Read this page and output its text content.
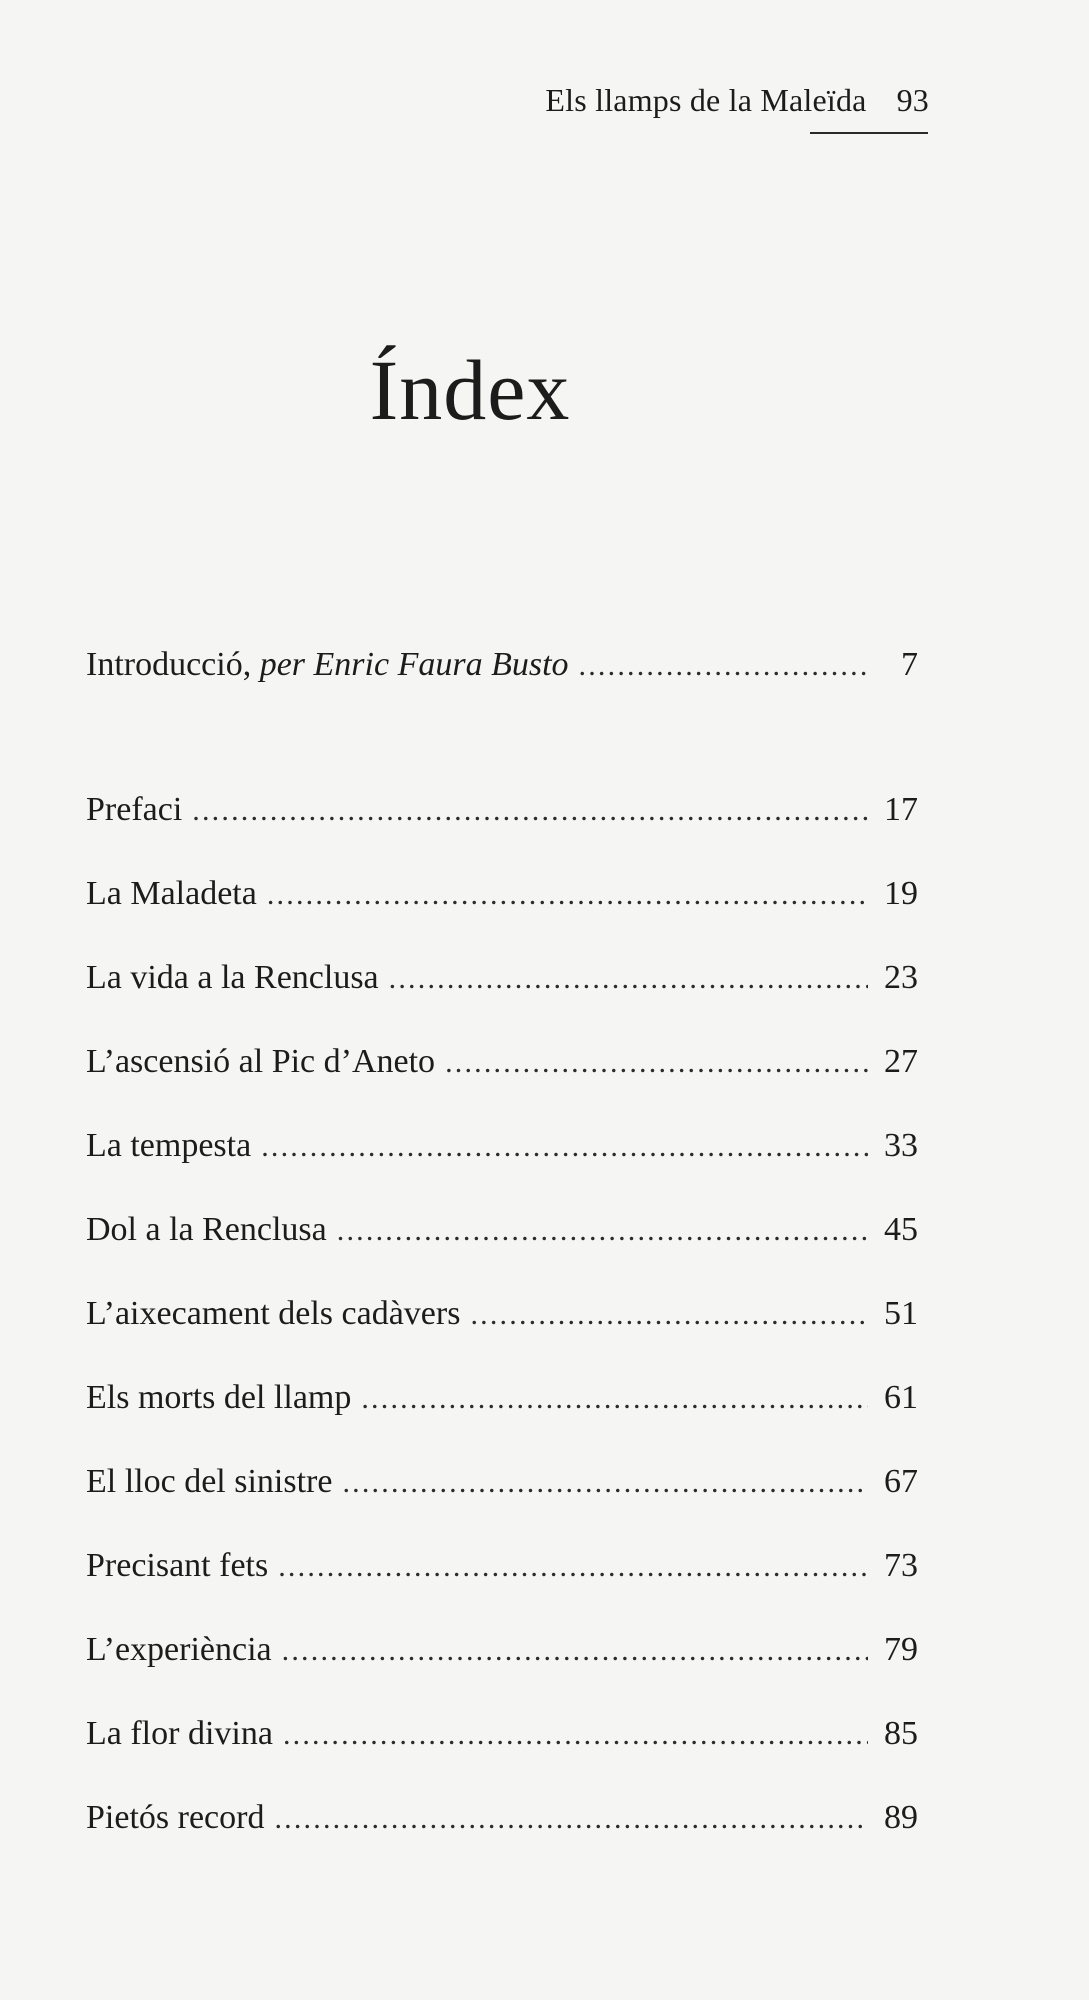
Els llamps de la Maleïda 93
Índex
Introducció, per Enric Faura Busto .....	7
Prefaci .....	17
La Maladeta .....	19
La vida a la Renclusa .....	23
L’ascensió al Pic d’Aneto .....	27
La tempesta .....	33
Dol a la Renclusa .....	45
L’aixecament dels cadàvers .....	51
Els morts del llamp .....	61
El lloc del sinistre .....	67
Precisant fets .....	73
L’experiència .....	79
La flor divina .....	85
Pietós record .....	89
